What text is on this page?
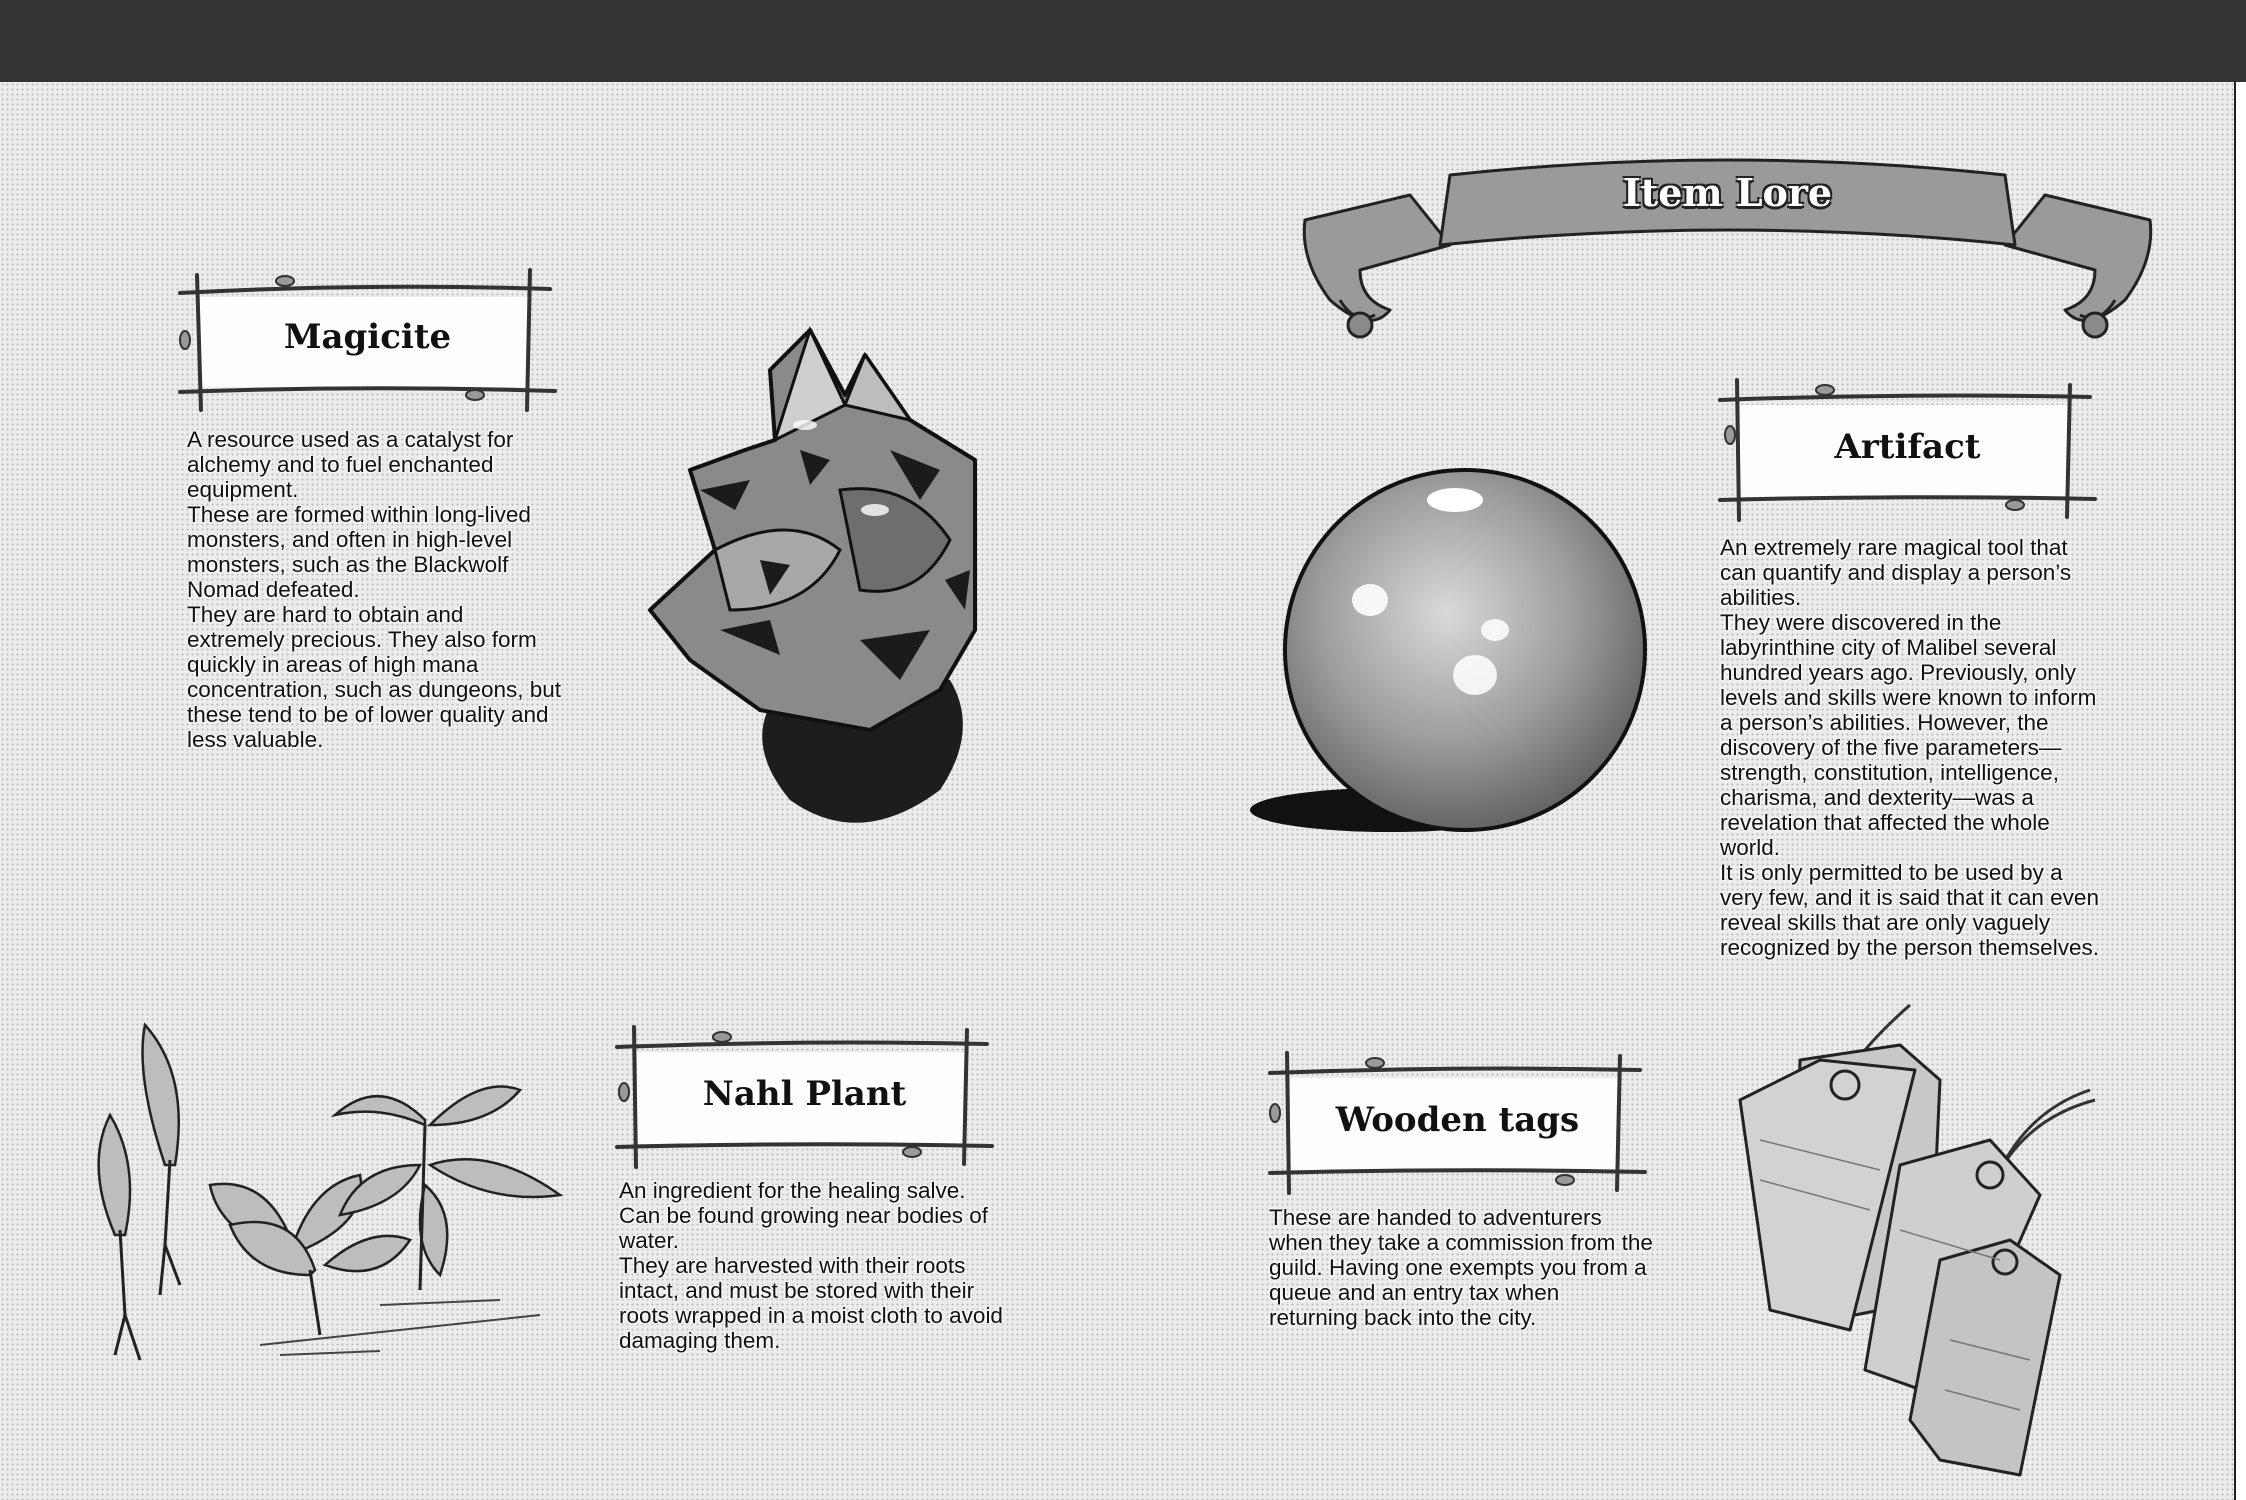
Item Lore
Magicite

A resource used as a catalyst for alchemy and to fuel enchanted equipment.

These are formed within long-lived monsters, and often in high-level monsters, such as the Blackwolf Nomad defeated.

They are hard to obtain and extremely precious. They also form quickly in areas of high mana concentration, such as dungeons, but these tend to be of lower quality and less valuable.

Artifact

An extremely rare magical tool that can quantify and display a person’s abilities.

They were discovered in the labyrinthine city of Malibel several hundred years ago. Previously, only levels and skills were known to inform a person’s abilities. However, the discovery of the five parameters—strength, constitution, intelligence, charisma, and dexterity—was a revelation that affected the whole world.

It is only permitted to be used by a very few, and it is said that it can even reveal skills that are only vaguely recognized by the person themselves.

Nahl Plant

An ingredient for the healing salve. Can be found growing near bodies of water.

They are harvested with their roots intact, and must be stored with their roots wrapped in a moist cloth to avoid damaging them.

Wooden tags

These are handed to adventurers when they take a commission from the guild. Having one exempts you from a queue and an entry tax when returning back into the city.
